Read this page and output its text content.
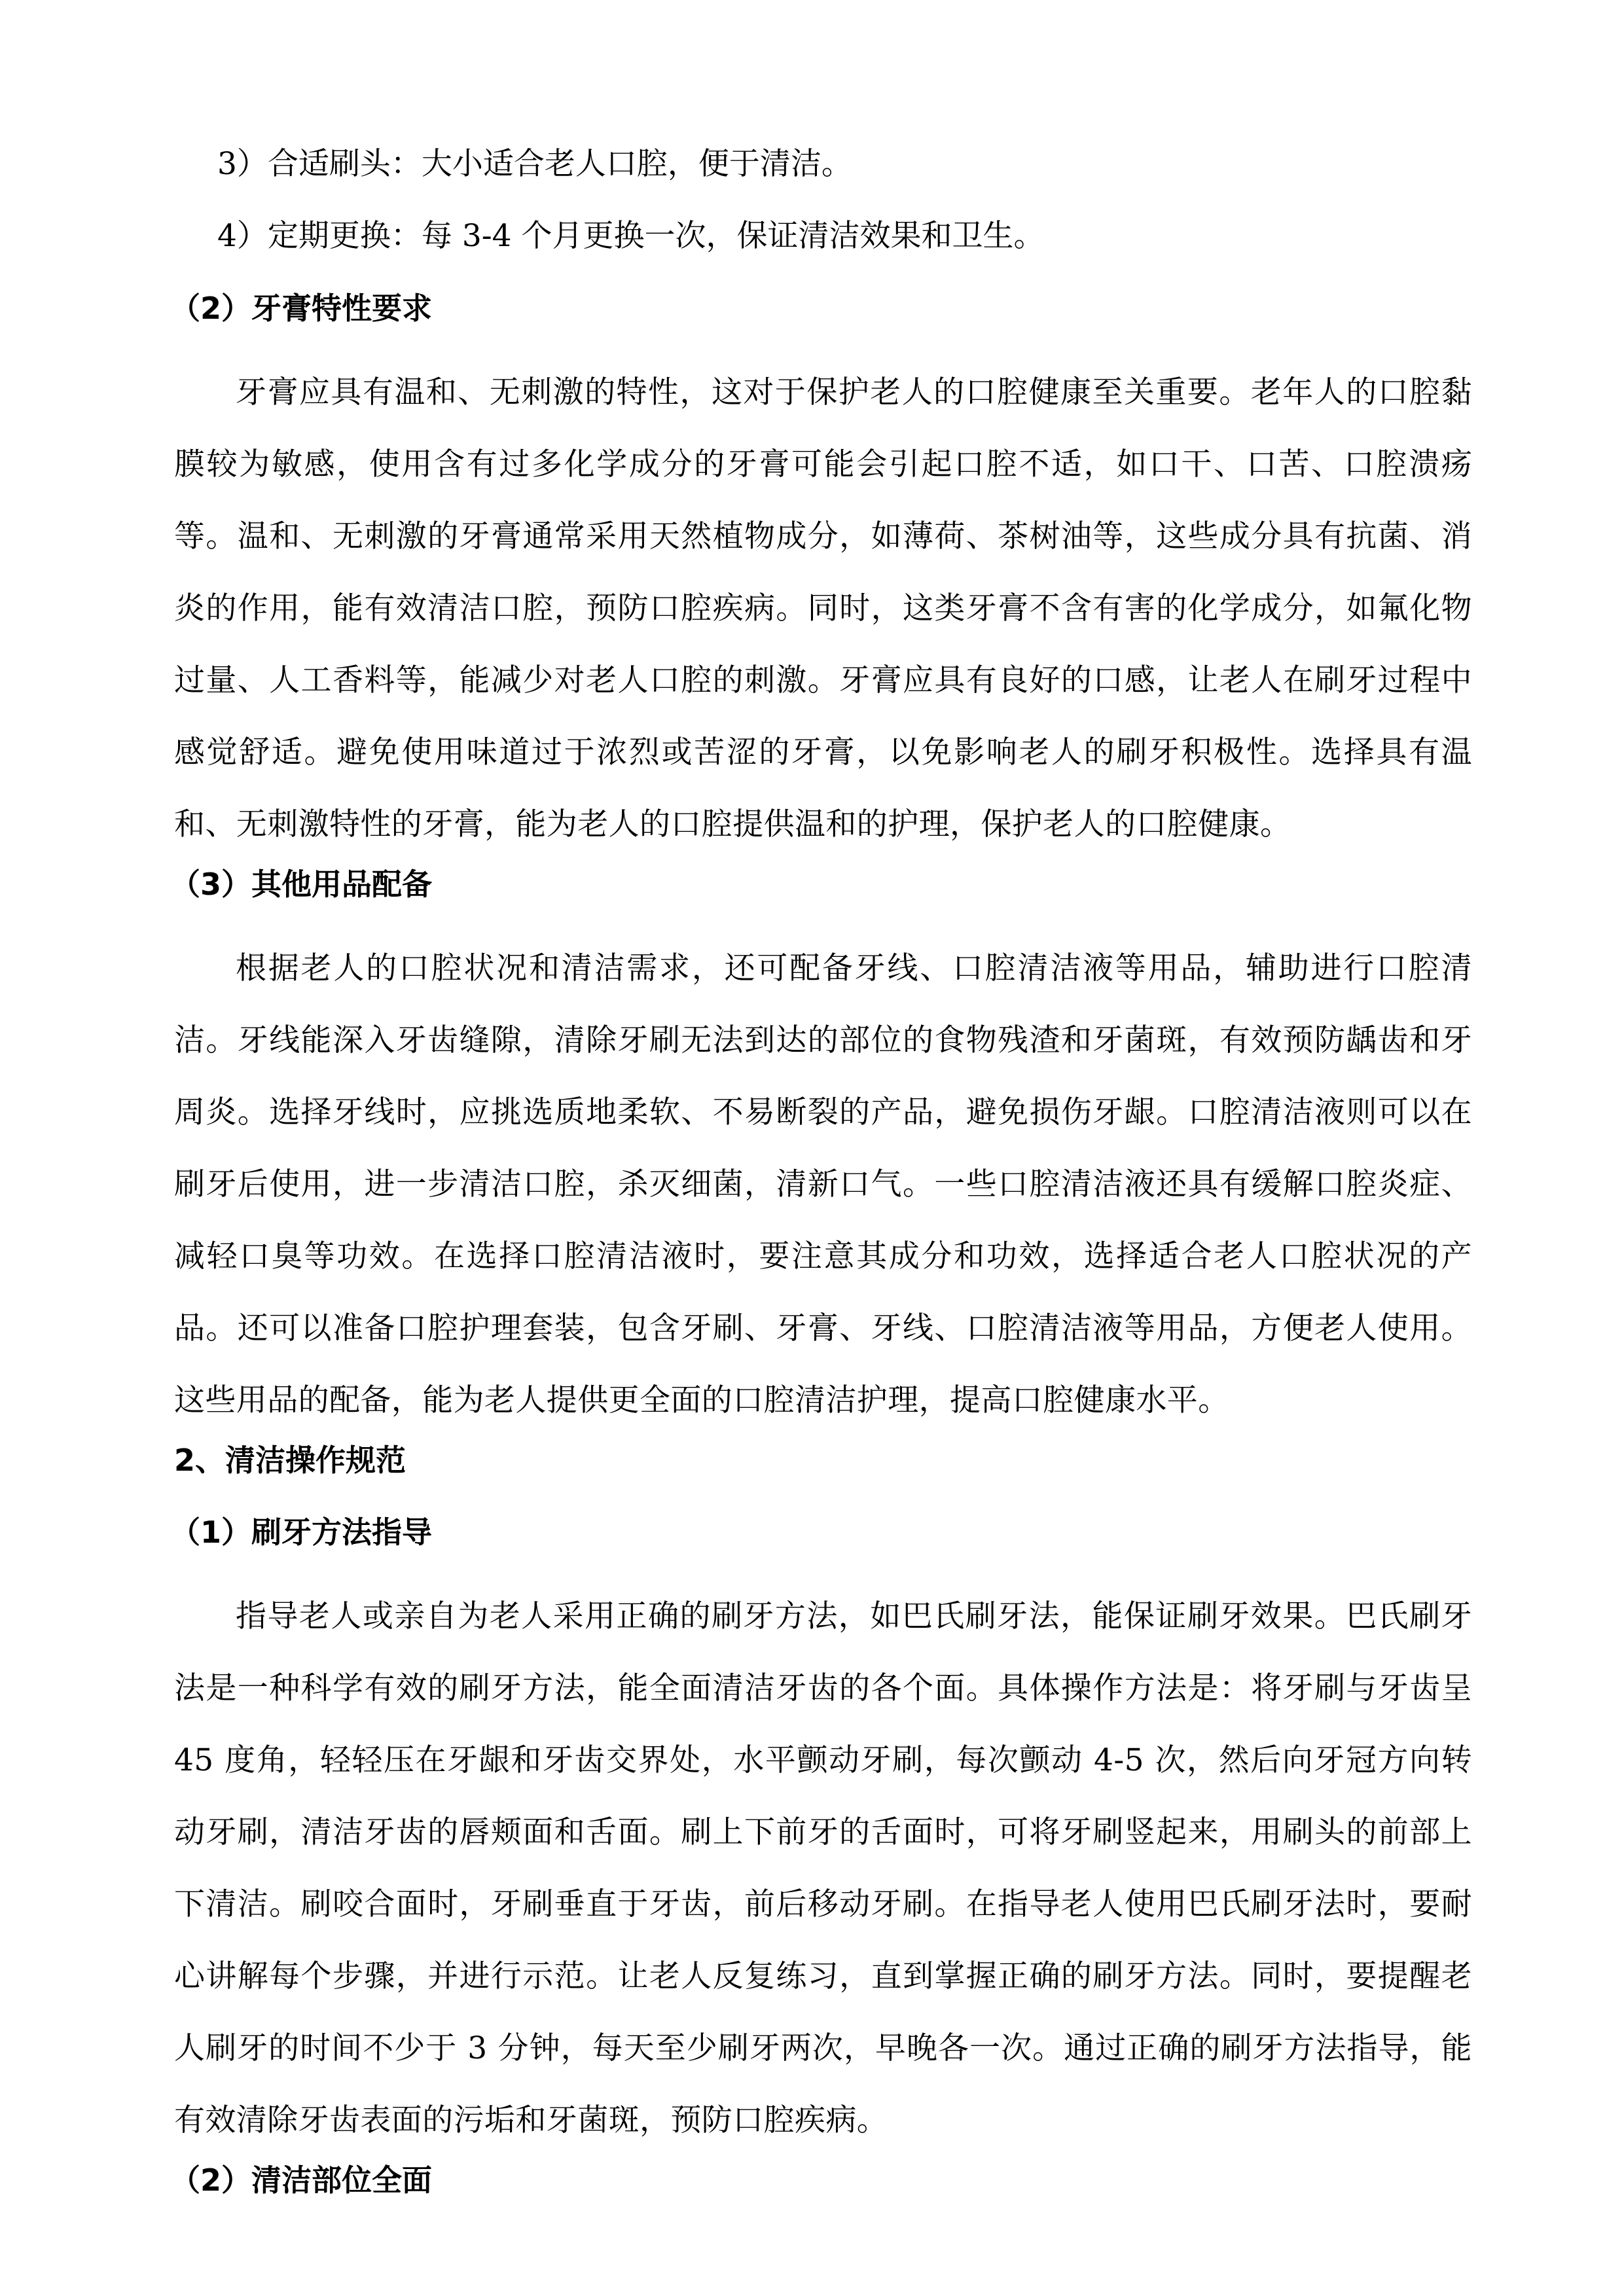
3）合适刷头：大小适合老人口腔，便于清洁。

4）定期更换：每 3-4 个月更换一次，保证清洁效果和卫生。

（2）牙膏特性要求

牙膏应具有温和、无刺激的特性，这对于保护老人的口腔健康至关重要。老年人的口腔黏膜较为敏感，使用含有过多化学成分的牙膏可能会引起口腔不适，如口干、口苦、口腔溃疡等。温和、无刺激的牙膏通常采用天然植物成分，如薄荷、茶树油等，这些成分具有抗菌、消炎的作用，能有效清洁口腔，预防口腔疾病。同时，这类牙膏不含有害的化学成分，如氟化物过量、人工香料等，能减少对老人口腔的刺激。牙膏应具有良好的口感，让老人在刷牙过程中感觉舒适。避免使用味道过于浓烈或苦涩的牙膏，以免影响老人的刷牙积极性。选择具有温和、无刺激特性的牙膏，能为老人的口腔提供温和的护理，保护老人的口腔健康。

（3）其他用品配备

根据老人的口腔状况和清洁需求，还可配备牙线、口腔清洁液等用品，辅助进行口腔清洁。牙线能深入牙齿缝隙，清除牙刷无法到达的部位的食物残渣和牙菌斑，有效预防龋齿和牙周炎。选择牙线时，应挑选质地柔软、不易断裂的产品，避免损伤牙龈。口腔清洁液则可以在刷牙后使用，进一步清洁口腔，杀灭细菌，清新口气。一些口腔清洁液还具有缓解口腔炎症、减轻口臭等功效。在选择口腔清洁液时，要注意其成分和功效，选择适合老人口腔状况的产品。还可以准备口腔护理套装，包含牙刷、牙膏、牙线、口腔清洁液等用品，方便老人使用。这些用品的配备，能为老人提供更全面的口腔清洁护理，提高口腔健康水平。

2、清洁操作规范
（1）刷牙方法指导

指导老人或亲自为老人采用正确的刷牙方法，如巴氏刷牙法，能保证刷牙效果。巴氏刷牙法是一种科学有效的刷牙方法，能全面清洁牙齿的各个面。具体操作方法是：将牙刷与牙齿呈 45 度角，轻轻压在牙龈和牙齿交界处，水平颤动牙刷，每次颤动 4-5 次，然后向牙冠方向转动牙刷，清洁牙齿的唇颊面和舌面。刷上下前牙的舌面时，可将牙刷竖起来，用刷头的前部上下清洁。刷咬合面时，牙刷垂直于牙齿，前后移动牙刷。在指导老人使用巴氏刷牙法时，要耐心讲解每个步骤，并进行示范。让老人反复练习，直到掌握正确的刷牙方法。同时，要提醒老人刷牙的时间不少于 3 分钟，每天至少刷牙两次，早晚各一次。通过正确的刷牙方法指导，能有效清除牙齿表面的污垢和牙菌斑，预防口腔疾病。

（2）清洁部位全面
